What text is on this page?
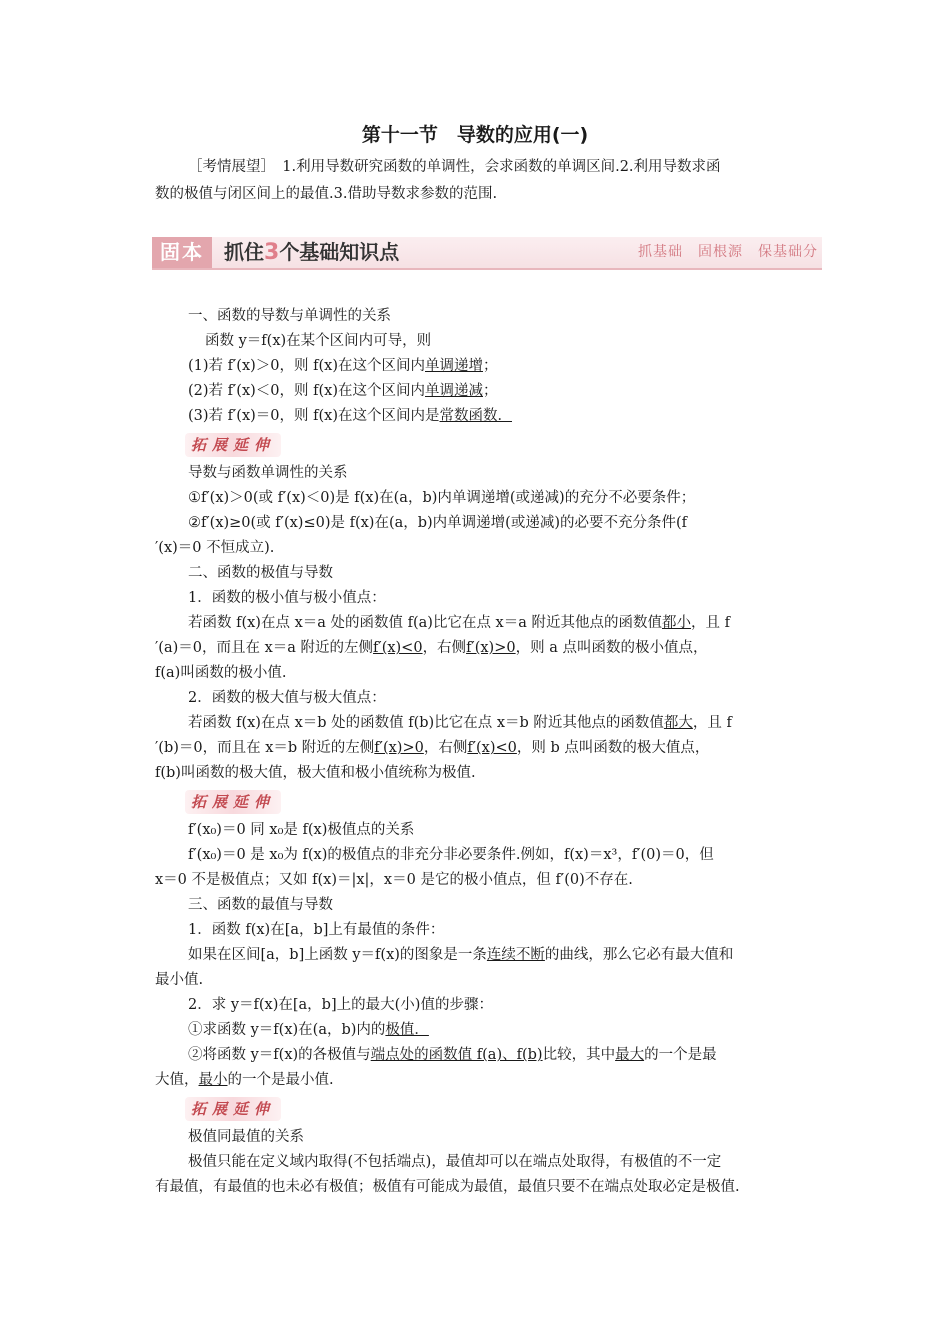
第十一节　导数的应用(一)

［考情展望］　1.利用导数研究函数的单调性，会求函数的单调区间.2.利用导数求函

数的极值与闭区间上的最值.3.借助导数求参数的范围.

固本	抓住3个基础知识点	抓基础　固根源　保基础分

一、函数的导数与单调性的关系

函数 y＝f(x)在某个区间内可导，则

(1)若 f′(x)＞0，则 f(x)在这个区间内单调递增；

(2)若 f′(x)＜0，则 f(x)在这个区间内单调递减；

(3)若 f′(x)＝0，则 f(x)在这个区间内是常数函数．

拓展延伸

导数与函数单调性的关系

①f′(x)＞0(或 f′(x)＜0)是 f(x)在(a，b)内单调递增(或递减)的充分不必要条件；

②f′(x)≥0(或 f′(x)≤0)是 f(x)在(a，b)内单调递增(或递减)的必要不充分条件(f

′(x)＝0 不恒成立).

二、函数的极值与导数

1．函数的极小值与极小值点：

若函数 f(x)在点 x＝a 处的函数值 f(a)比它在点 x＝a 附近其他点的函数值都小，且 f

′(a)＝0，而且在 x＝a 附近的左侧f′(x)<0，右侧f′(x)>0，则 a 点叫函数的极小值点，

f(a)叫函数的极小值.

2．函数的极大值与极大值点：

若函数 f(x)在点 x＝b 处的函数值 f(b)比它在点 x＝b 附近其他点的函数值都大，且 f

′(b)＝0，而且在 x＝b 附近的左侧f′(x)>0，右侧f′(x)<0，则 b 点叫函数的极大值点，

f(b)叫函数的极大值，极大值和极小值统称为极值.

拓展延伸

f′(x₀)＝0 同 x₀是 f(x)极值点的关系

f′(x₀)＝0 是 x₀为 f(x)的极值点的非充分非必要条件.例如，f(x)＝x³，f′(0)＝0，但

x＝0 不是极值点；又如 f(x)＝|x|，x＝0 是它的极小值点，但 f′(0)不存在.

三、函数的最值与导数

1．函数 f(x)在[a，b]上有最值的条件：

如果在区间[a，b]上函数 y＝f(x)的图象是一条连续不断的曲线，那么它必有最大值和

最小值.

2．求 y＝f(x)在[a，b]上的最大(小)值的步骤：

①求函数 y＝f(x)在(a，b)内的极值．

②将函数 y＝f(x)的各极值与端点处的函数值 f(a)、f(b)比较，其中最大的一个是最

大值，最小的一个是最小值.

拓展延伸

极值同最值的关系

极值只能在定义域内取得(不包括端点)，最值却可以在端点处取得，有极值的不一定

有最值，有最值的也未必有极值；极值有可能成为最值，最值只要不在端点处取必定是极值.
